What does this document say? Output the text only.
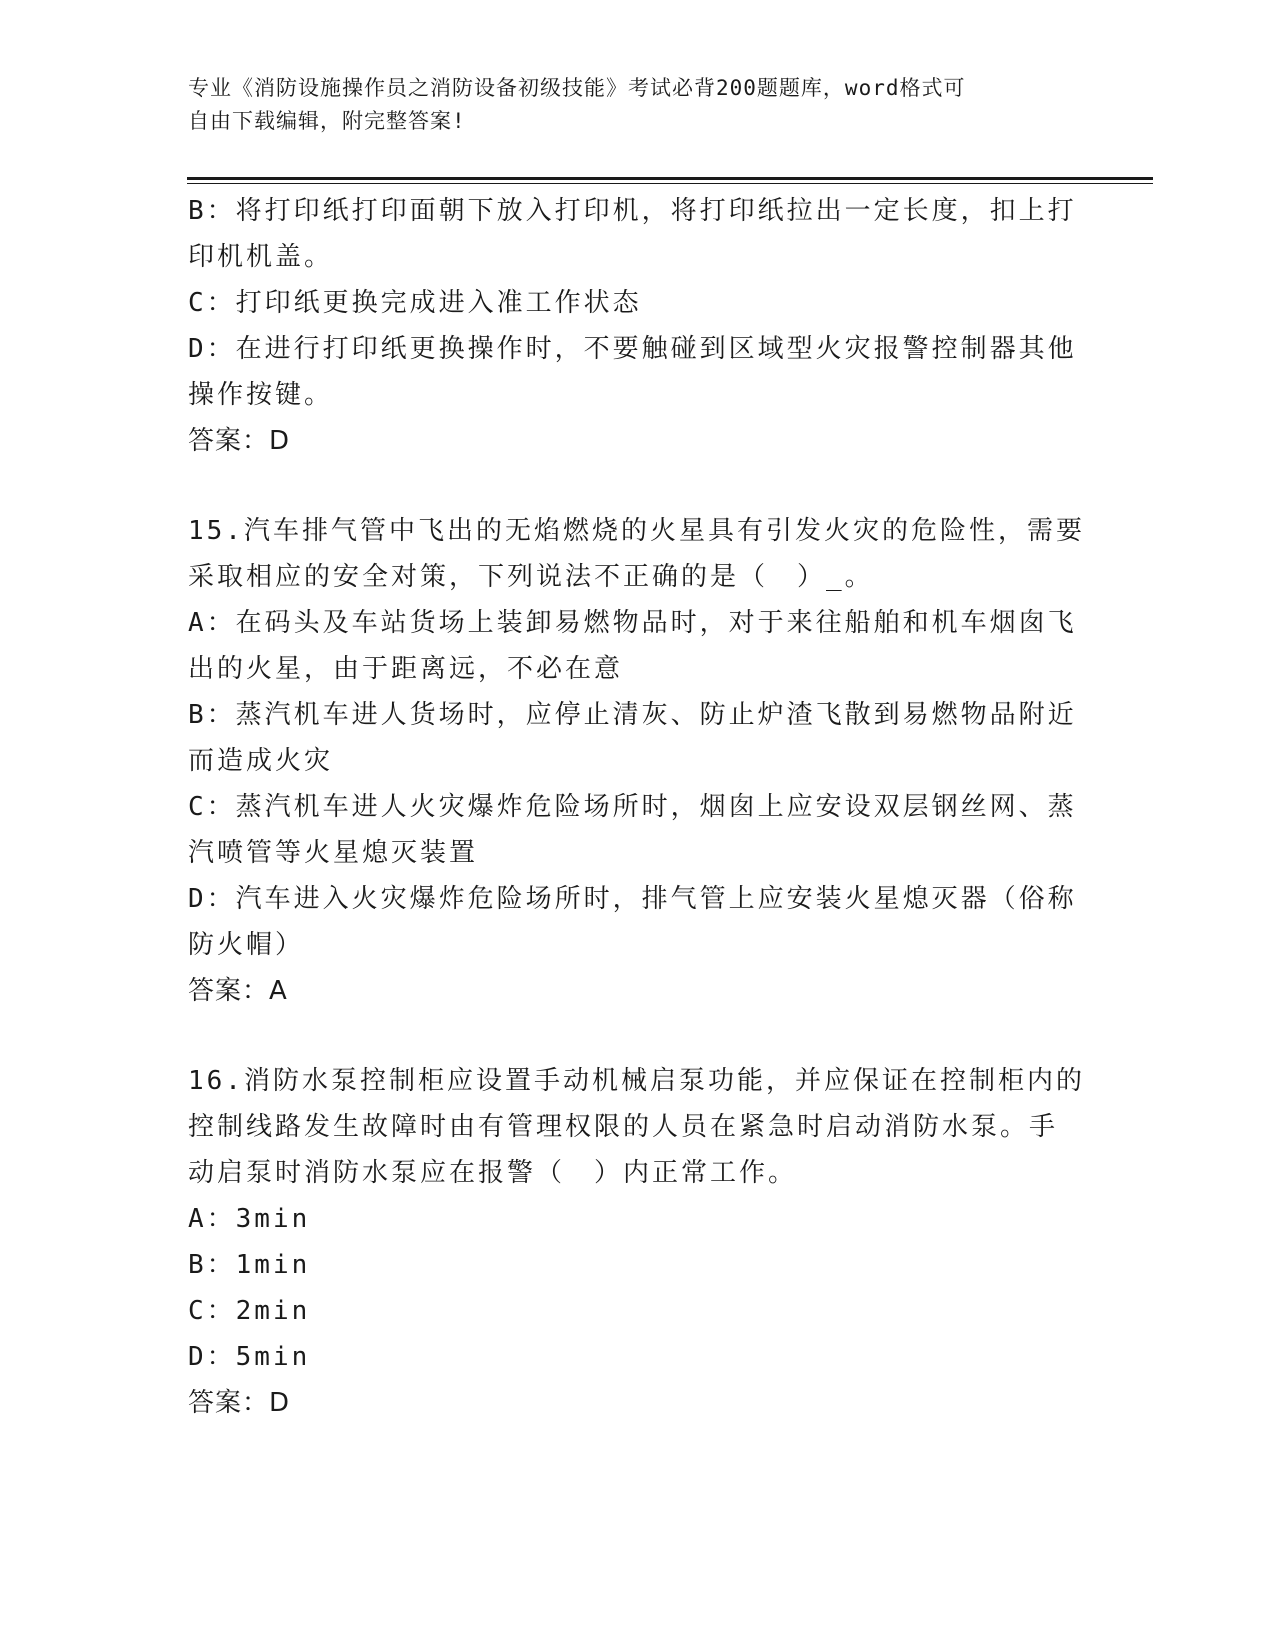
专业《消防设施操作员之消防设备初级技能》考试必背200题题库，word格式可
自由下载编辑，附完整答案!
B：将打印纸打印面朝下放入打印机，将打印纸拉出一定长度，扣上打
印机机盖。
C：打印纸更换完成进入准工作状态
D：在进行打印纸更换操作时，不要触碰到区域型火灾报警控制器其他
操作按键。
答案：D
15.汽车排气管中飞出的无焰燃烧的火星具有引发火灾的危险性，需要
采取相应的安全对策，下列说法不正确的是（　）_。
A：在码头及车站货场上装卸易燃物品时，对于来往船舶和机车烟囱飞
出的火星，由于距离远，不必在意
B：蒸汽机车进人货场时，应停止清灰、防止炉渣飞散到易燃物品附近
而造成火灾
C：蒸汽机车进人火灾爆炸危险场所时，烟囱上应安设双层钢丝网、蒸
汽喷管等火星熄灭装置
D：汽车进入火灾爆炸危险场所时，排气管上应安装火星熄灭器（俗称
防火帽）
答案：A
16.消防水泵控制柜应设置手动机械启泵功能，并应保证在控制柜内的
控制线路发生故障时由有管理权限的人员在紧急时启动消防水泵。手
动启泵时消防水泵应在报警（　）内正常工作。
A：3min
B：1min
C：2min
D：5min
答案：D
